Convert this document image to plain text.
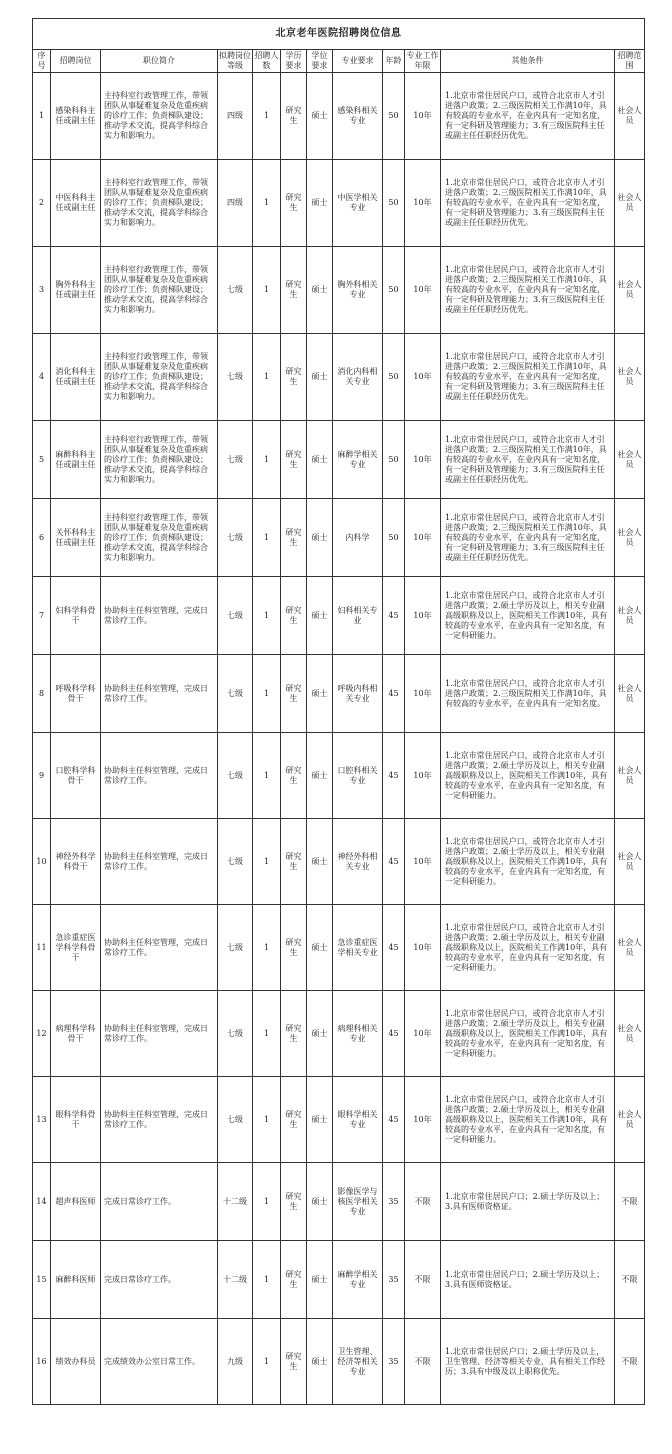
北京老年医院招聘岗位信息											
序号	招聘岗位	职位简介	拟聘岗位等级	招聘人数	学历要求	学位要求	专业要求	年龄	专业工作年限	其他条件	招聘范围
1	感染科科主任或副主任	主持科室行政管理工作，带领团队从事疑难复杂及危重疾病的诊疗工作；负责梯队建设；推动学术交流，提高学科综合实力和影响力。	四级	1	研究生	硕士	感染科相关专业	50	10年	1.北京市常住居民户口，或符合北京市人才引进落户政策；2.三级医院相关工作满10年，具有较高的专业水平，在业内具有一定知名度，有一定科研及管理能力；3.有三级医院科主任或副主任任职经历优先。	社会人员
2	中医科科主任或副主任	主持科室行政管理工作，带领团队从事疑难复杂及危重疾病的诊疗工作；负责梯队建设；推动学术交流，提高学科综合实力和影响力。	四级	1	研究生	硕士	中医学相关专业	50	10年	1.北京市常住居民户口，或符合北京市人才引进落户政策；2.三级医院相关工作满10年，具有较高的专业水平，在业内具有一定知名度，有一定科研及管理能力；3.有三级医院科主任或副主任任职经历优先。	社会人员
3	胸外科科主任或副主任	主持科室行政管理工作，带领团队从事疑难复杂及危重疾病的诊疗工作；负责梯队建设；推动学术交流，提高学科综合实力和影响力。	七级	1	研究生	硕士	胸外科相关专业	50	10年	1.北京市常住居民户口，或符合北京市人才引进落户政策；2.三级医院相关工作满10年，具有较高的专业水平，在业内具有一定知名度，有一定科研及管理能力；3.有三级医院科主任或副主任任职经历优先。	社会人员
4	消化科科主任或副主任	主持科室行政管理工作，带领团队从事疑难复杂及危重疾病的诊疗工作；负责梯队建设；推动学术交流，提高学科综合实力和影响力。	七级	1	研究生	硕士	消化内科相关专业	50	10年	1.北京市常住居民户口，或符合北京市人才引进落户政策；2.三级医院相关工作满10年，具有较高的专业水平，在业内具有一定知名度，有一定科研及管理能力；3.有三级医院科主任或副主任任职经历优先。	社会人员
5	麻醉科科主任或副主任	主持科室行政管理工作，带领团队从事疑难复杂及危重疾病的诊疗工作；负责梯队建设；推动学术交流，提高学科综合实力和影响力。	七级	1	研究生	硕士	麻醉学相关专业	50	10年	1.北京市常住居民户口，或符合北京市人才引进落户政策；2.三级医院相关工作满10年，具有较高的专业水平，在业内具有一定知名度，有一定科研及管理能力；3.有三级医院科主任或副主任任职经历优先。	社会人员
6	关怀科科主任或副主任	主持科室行政管理工作，带领团队从事疑难复杂及危重疾病的诊疗工作；负责梯队建设；推动学术交流，提高学科综合实力和影响力。	七级	1	研究生	硕士	内科学	50	10年	1.北京市常住居民户口，或符合北京市人才引进落户政策；2.三级医院相关工作满10年，具有较高的专业水平，在业内具有一定知名度，有一定科研及管理能力；3.有三级医院科主任或副主任任职经历优先。	社会人员
7	妇科学科骨干	协助科主任科室管理，完成日常诊疗工作。	七级	1	研究生	硕士	妇科相关专业	45	10年	1.北京市常住居民户口，或符合北京市人才引进落户政策；2.硕士学历及以上，相关专业副高级职称及以上，医院相关工作满10年，具有较高的专业水平，在业内具有一定知名度，有一定科研能力。	社会人员
8	呼吸科学科骨干	协助科主任科室管理，完成日常诊疗工作。	七级	1	研究生	硕士	呼吸内科相关专业	45	10年	1.北京市常住居民户口，或符合北京市人才引进落户政策；2.三级医院相关工作满10年，具有较高的专业水平，在业内具有一定知名度。	社会人员
9	口腔科学科骨干	协助科主任科室管理，完成日常诊疗工作。	七级	1	研究生	硕士	口腔科相关专业	45	10年	1.北京市常住居民户口，或符合北京市人才引进落户政策；2.硕士学历及以上，相关专业副高级职称及以上，医院相关工作满10年，具有较高的专业水平，在业内具有一定知名度，有一定科研能力。	社会人员
10	神经外科学科骨干	协助科主任科室管理，完成日常诊疗工作。	七级	1	研究生	硕士	神经外科相关专业	45	10年	1.北京市常住居民户口，或符合北京市人才引进落户政策；2.硕士学历及以上，相关专业副高级职称及以上，医院相关工作满10年，具有较高的专业水平，在业内具有一定知名度，有一定科研能力。	社会人员
11	急诊重症医学科学科骨干	协助科主任科室管理，完成日常诊疗工作。	七级	1	研究生	硕士	急诊重症医学相关专业	45	10年	1.北京市常住居民户口，或符合北京市人才引进落户政策；2.硕士学历及以上，相关专业副高级职称及以上，医院相关工作满10年，具有较高的专业水平，在业内具有一定知名度，有一定科研能力。	社会人员
12	病理科学科骨干	协助科主任科室管理，完成日常诊疗工作。	七级	1	研究生	硕士	病理科相关专业	45	10年	1.北京市常住居民户口，或符合北京市人才引进落户政策；2.硕士学历及以上，相关专业副高级职称及以上，医院相关工作满10年，具有较高的专业水平，在业内具有一定知名度，有一定科研能力。	社会人员
13	眼科学科骨干	协助科主任科室管理，完成日常诊疗工作。	七级	1	研究生	硕士	眼科学相关专业	45	10年	1.北京市常住居民户口，或符合北京市人才引进落户政策；2.硕士学历及以上，相关专业副高级职称及以上，医院相关工作满10年，具有较高的专业水平，在业内具有一定知名度，有一定科研能力。	社会人员
14	超声科医师	完成日常诊疗工作。	十二级	1	研究生	硕士	影像医学与核医学相关专业	35	不限	1.北京市常住居民户口；2.硕士学历及以上；3.具有医师资格证。	不限
15	麻醉科医师	完成日常诊疗工作。	十二级	1	研究生	硕士	麻醉学相关专业	35	不限	1.北京市常住居民户口；2.硕士学历及以上；3.具有医师资格证。	不限
16	绩效办科员	完成绩效办公室日常工作。	九级	1	研究生	硕士	卫生管理、经济等相关专业	35	不限	1.北京市常住居民户口；2.硕士学历及以上，卫生管理、经济等相关专业，具有相关工作经历；3.具有中级及以上职称优先。	不限
